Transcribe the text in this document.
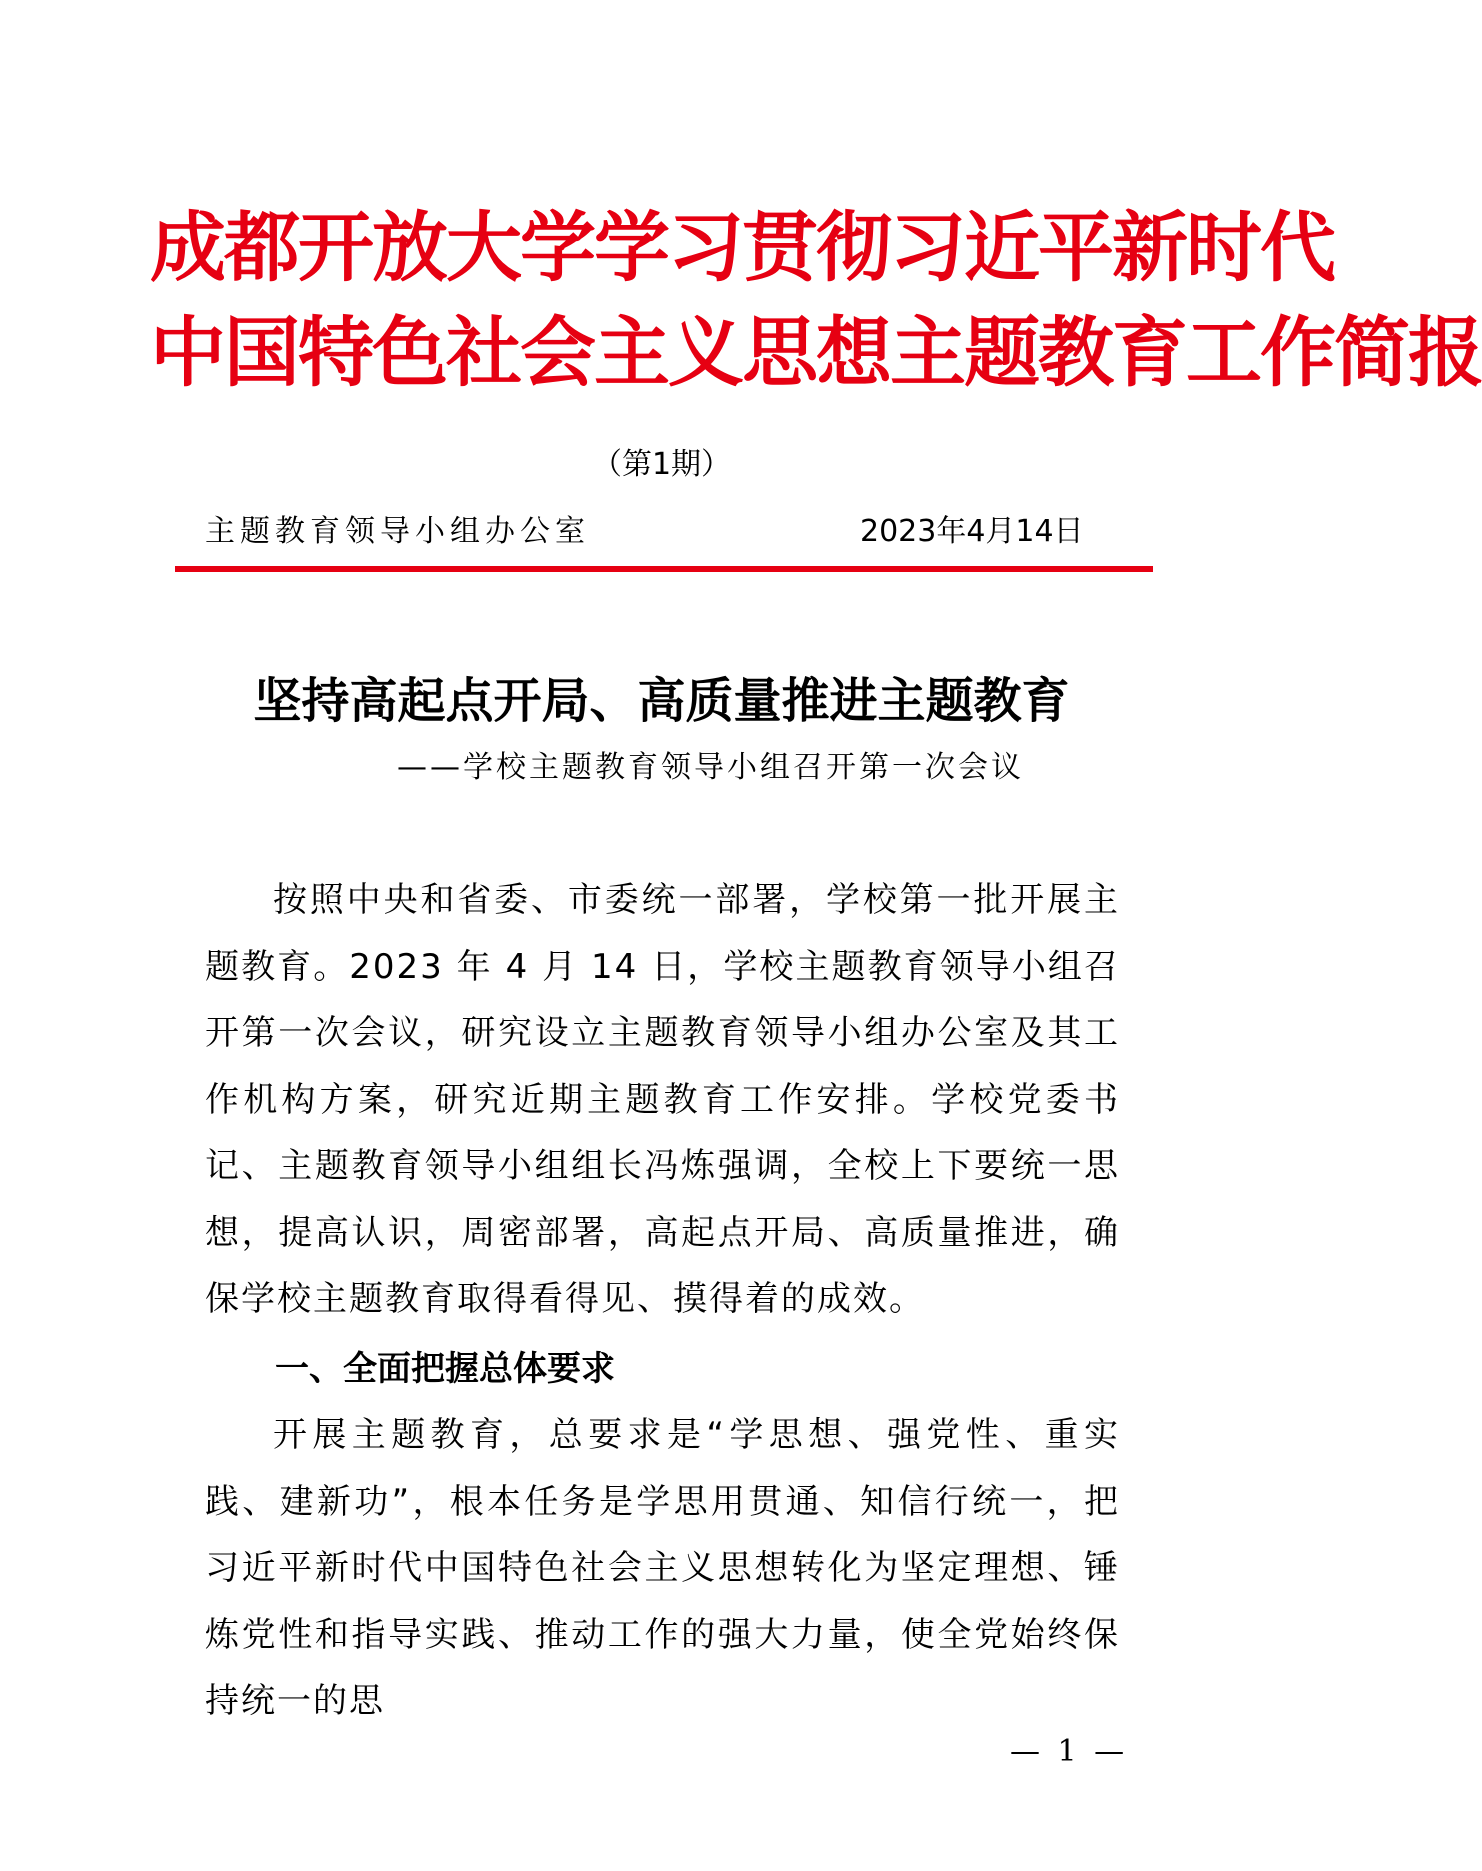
成都开放大学学习贯彻习近平新时代
中国特色社会主义思想主题教育工作简报
（第1期）
主题教育领导小组办公室	2023年4月14日
坚持高起点开局、高质量推进主题教育
——学校主题教育领导小组召开第一次会议

按照中央和省委、市委统一部署，学校第一批开展主题教育。2023 年 4 月 14 日，学校主题教育领导小组召开第一次会议，研究设立主题教育领导小组办公室及其工作机构方案，研究近期主题教育工作安排。学校党委书记、主题教育领导小组组长冯炼强调，全校上下要统一思想，提高认识，周密部署，高起点开局、高质量推进，确保学校主题教育取得看得见、摸得着的成效。

一、全面把握总体要求

开展主题教育，总要求是“学思想、强党性、重实践、建新功”，根本任务是学思用贯通、知信行统一，把习近平新时代中国特色社会主义思想转化为坚定理想、锤炼党性和指导实践、推动工作的强大力量，使全党始终保持统一的思

— 1 —
